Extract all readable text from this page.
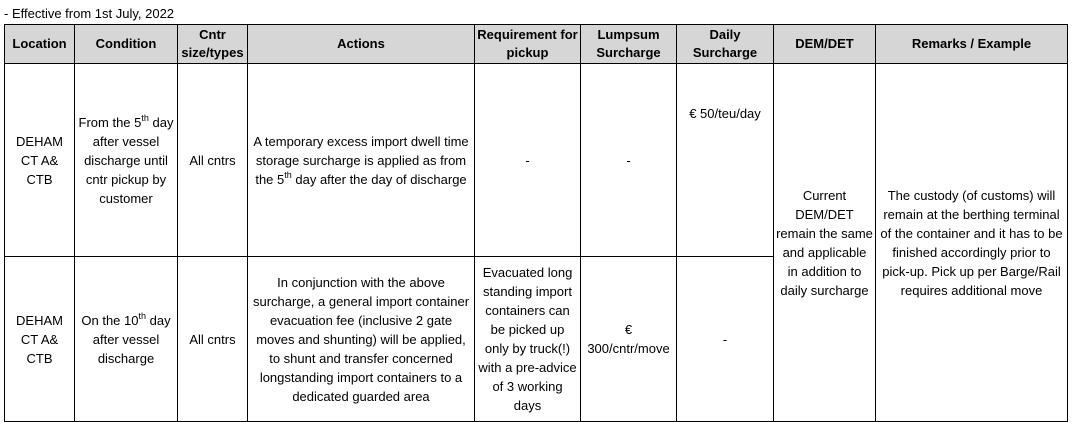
- Effective from 1st July, 2022
Location	Condition	Cntr size/types	Actions	Requirement for pickup	Lumpsum Surcharge	Daily Surcharge	DEM/DET	Remarks / Example
DEHAM CT A& CTB	From the 5th day after vessel discharge until cntr pickup by customer	All cntrs	A temporary excess import dwell time storage surcharge is applied as from the 5th day after the day of discharge	-	-	€ 50/teu/day	Current DEM/DET remain the same and applicable in addition to daily surcharge	The custody (of customs) will remain at the berthing terminal of the container and it has to be finished accordingly prior to pick-up. Pick up per Barge/Rail requires additional move
DEHAM CT A& CTB	On the 10th day after vessel discharge	All cntrs	In conjunction with the above surcharge, a general import container evacuation fee (inclusive 2 gate moves and shunting) will be applied, to shunt and transfer concerned longstanding import containers to a dedicated guarded area	Evacuated long standing import containers can be picked up only by truck(!) with a pre-advice of 3 working days	€ 300/cntr/move	-		
